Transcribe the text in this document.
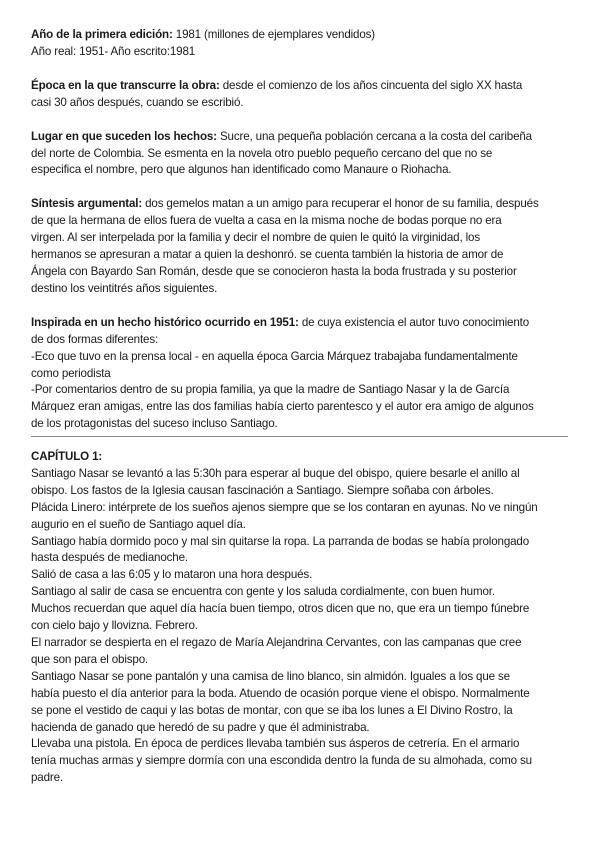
Año de la primera edición: 1981 (millones de ejemplares vendidos)
Año real: 1951- Año escrito:1981

Época en la que transcurre la obra: desde el comienzo de los años cincuenta del siglo XX hasta
casi 30 años después, cuando se escribió.

Lugar en que suceden los hechos: Sucre, una pequeña población cercana a la costa del caribeña
del norte de Colombia. Se esmenta en la novela otro pueblo pequeño cercano del que no se
especifica el nombre, pero que algunos han identificado como Manaure o Riohacha.

Síntesis argumental: dos gemelos matan a un amigo para recuperar el honor de su familia, después
de que la hermana de ellos fuera de vuelta a casa en la misma noche de bodas porque no era
virgen. Al ser interpelada por la familia y decir el nombre de quien le quitó la virginidad, los
hermanos se apresuran a matar a quien la deshonró. se cuenta también la historia de amor de
Ángela con Bayardo San Román, desde que se conocieron hasta la boda frustrada y su posterior
destino los veintitrés años siguientes.

Inspirada en un hecho histórico ocurrido en 1951: de cuya existencia el autor tuvo conocimiento
de dos formas diferentes:
-Eco que tuvo en la prensa local - en aquella época Garcia Márquez trabajaba fundamentalmente
como periodista
-Por comentarios dentro de su propia familia, ya que la madre de Santiago Nasar y la de García
Márquez eran amigas, entre las dos familias había cierto parentesco y el autor era amigo de algunos
de los protagonistas del suceso incluso Santiago.

CAPÍTULO 1:
Santiago Nasar se levantó a las 5:30h para esperar al buque del obispo, quiere besarle el anillo al
obispo. Los fastos de la Iglesia causan fascinación a Santiago. Siempre soñaba con árboles.
Plácida Linero: intérprete de los sueños ajenos siempre que se los contaran en ayunas. No ve ningún
augurio en el sueño de Santiago aquel día.
Santiago había dormido poco y mal sin quitarse la ropa. La parranda de bodas se había prolongado
hasta después de medianoche.
Salió de casa a las 6:05 y lo mataron una hora después.
Santiago al salir de casa se encuentra con gente y los saluda cordialmente, con buen humor.
Muchos recuerdan que aquel día hacía buen tiempo, otros dicen que no, que era un tiempo fúnebre
con cielo bajo y llovizna. Febrero.
El narrador se despierta en el regazo de María Alejandrina Cervantes, con las campanas que cree
que son para el obispo.
Santiago Nasar se pone pantalón y una camisa de lino blanco, sin almidón. Iguales a los que se
había puesto el día anterior para la boda. Atuendo de ocasión porque viene el obispo. Normalmente
se pone el vestido de caqui y las botas de montar, con que se iba los lunes a El Divino Rostro, la
hacienda de ganado que heredó de su padre y que él administraba.
Llevaba una pistola. En época de perdices llevaba también sus ásperos de cetrería. En el armario
tenía muchas armas y siempre dormía con una escondida dentro la funda de su almohada, como su
padre.
